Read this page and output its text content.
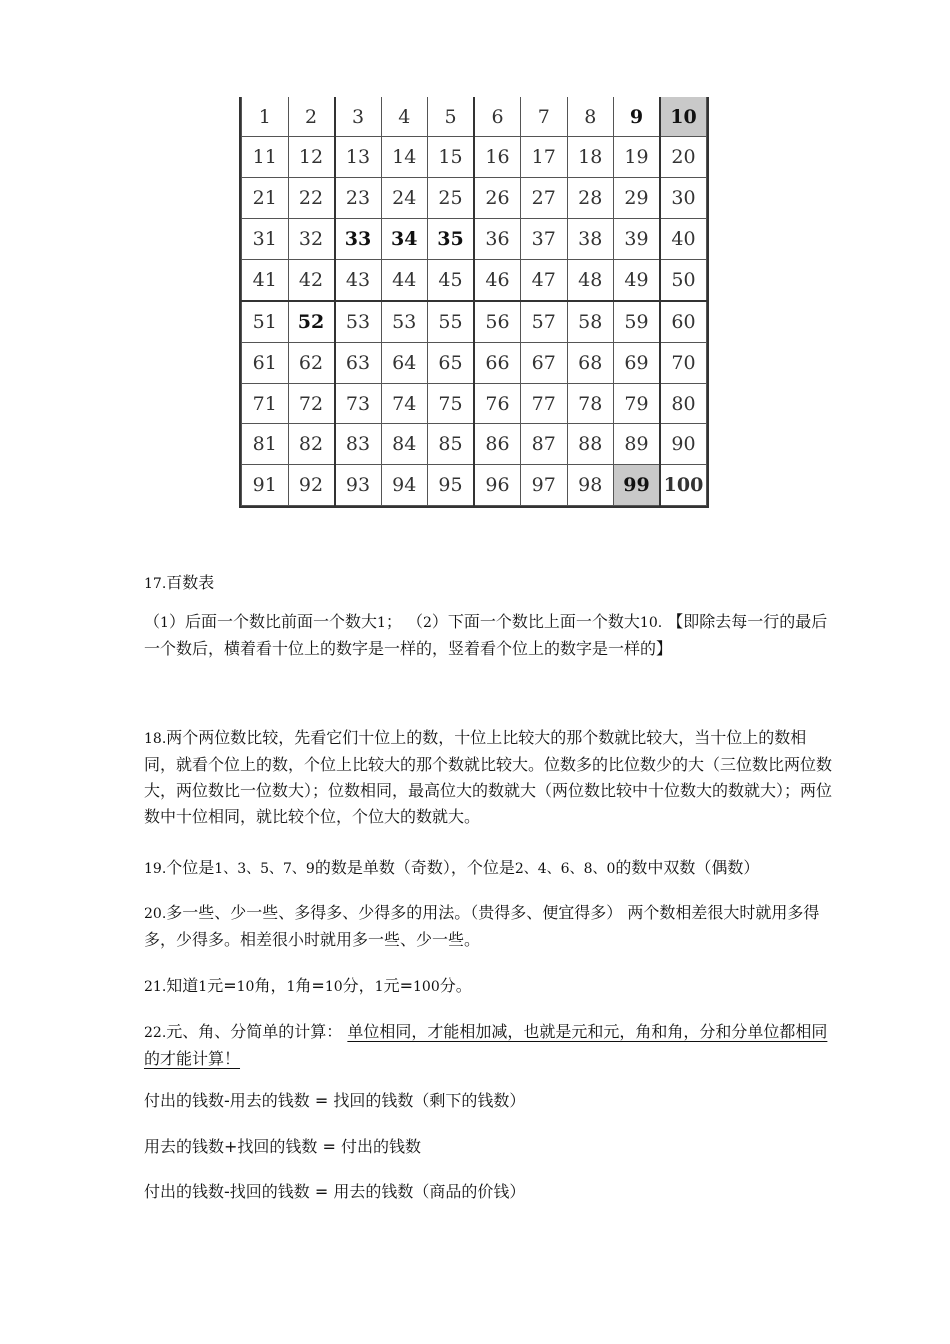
1	2	3	4	5	6	7	8	9	10
11	12	13	14	15	16	17	18	19	20
21	22	23	24	25	26	27	28	29	30
31	32	33	34	35	36	37	38	39	40
41	42	43	44	45	46	47	48	49	50
51	52	53	53	55	56	57	58	59	60
61	62	63	64	65	66	67	68	69	70
71	72	73	74	75	76	77	78	79	80
81	82	83	84	85	86	87	88	89	90
91	92	93	94	95	96	97	98	99	100

17.百数表

（1）后面一个数比前面一个数大1； （2）下面一个数比上面一个数大10. 【即除去每一行的最后一个数后，横着看十位上的数字是一样的，竖着看个位上的数字是一样的】

18.两个两位数比较，先看它们十位上的数，十位上比较大的那个数就比较大，当十位上的数相同，就看个位上的数，个位上比较大的那个数就比较大。位数多的比位数少的大（三位数比两位数大，两位数比一位数大）；位数相同，最高位大的数就大（两位数比较中十位数大的数就大）；两位数中十位相同，就比较个位，个位大的数就大。

19.个位是1、3、5、7、9的数是单数（奇数），个位是2、4、6、8、0的数中双数（偶数）

20.多一些、少一些、多得多、少得多的用法。（贵得多、便宜得多） 两个数相差很大时就用多得多，少得多。相差很小时就用多一些、少一些。

21.知道1元=10角，1角=10分，1元=100分。

22.元、角、分简单的计算： 单位相同，才能相加减，也就是元和元，角和角，分和分单位都相同的才能计算！

付出的钱数-用去的钱数 = 找回的钱数（剩下的钱数）

用去的钱数+找回的钱数 = 付出的钱数

付出的钱数-找回的钱数 = 用去的钱数（商品的价钱）
